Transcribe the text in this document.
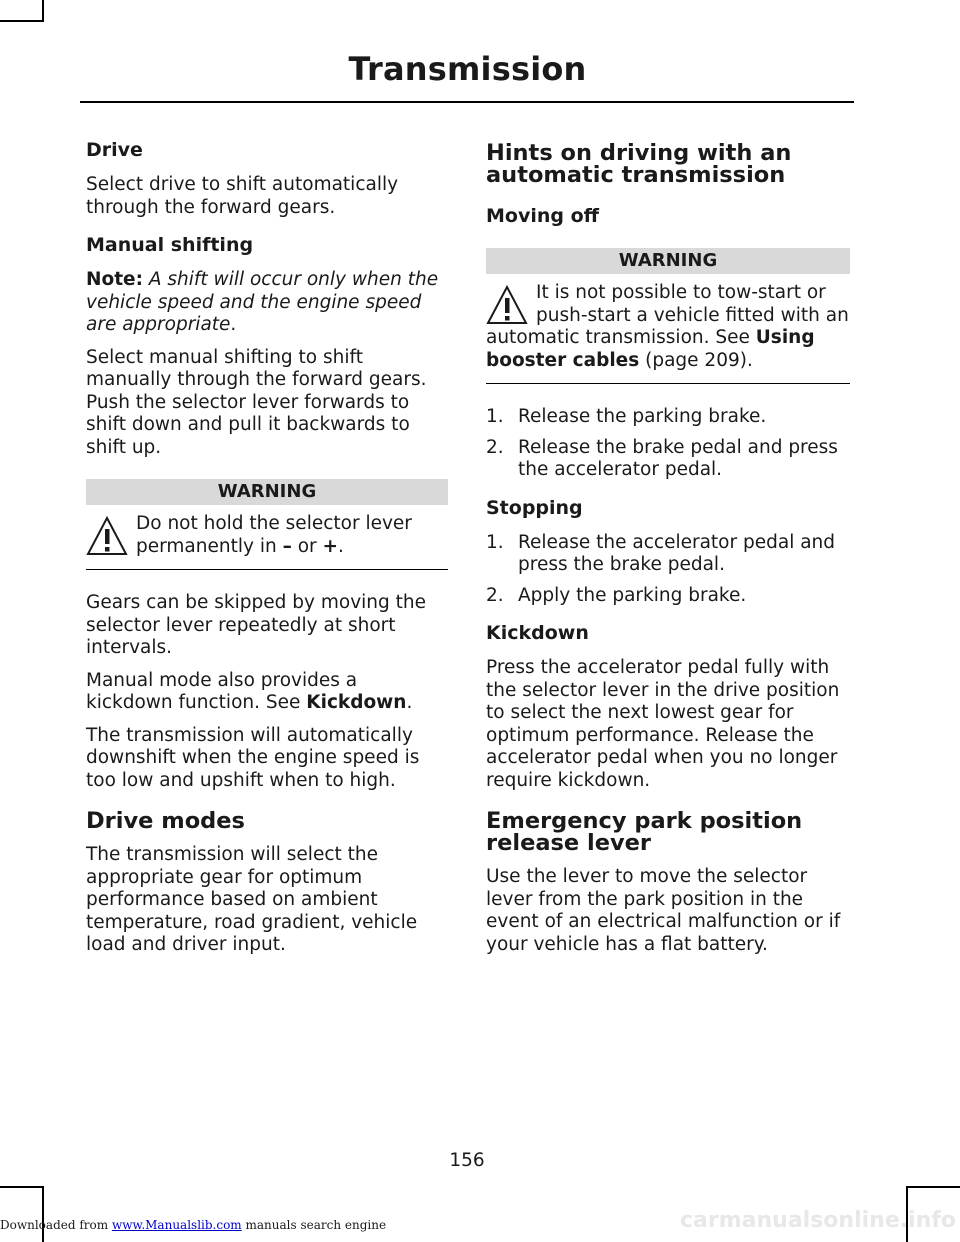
Transmission
Drive

Select drive to shift automatically through the forward gears.

Manual shifting

Note: A shift will occur only when the vehicle speed and the engine speed are appropriate.

Select manual shifting to shift manually through the forward gears. Push the selector lever forwards to shift down and pull it backwards to shift up.

WARNING

Do not hold the selector lever permanently in – or +.

Gears can be skipped by moving the selector lever repeatedly at short intervals.

Manual mode also provides a kickdown function. See Kickdown.

The transmission will automatically downshift when the engine speed is too low and upshift when to high.

Drive modes

The transmission will select the appropriate gear for optimum performance based on ambient temperature, road gradient, vehicle load and driver input.

Hints on driving with an automatic transmission
Moving off
WARNING

It is not possible to tow-start or push-start a vehicle fitted with an automatic transmission. See Using booster cables (page 209).

1. Release the parking brake.
2. Release the brake pedal and press the accelerator pedal.
Stopping
1. Release the accelerator pedal and press the brake pedal.
2. Apply the parking brake.
Kickdown

Press the accelerator pedal fully with the selector lever in the drive position to select the next lowest gear for optimum performance. Release the accelerator pedal when you no longer require kickdown.

Emergency park position release lever

Use the lever to move the selector lever from the park position in the event of an electrical malfunction or if your vehicle has a flat battery.

156
Downloaded from www.Manualslib.com manuals search engine	carmanualsonline.info
